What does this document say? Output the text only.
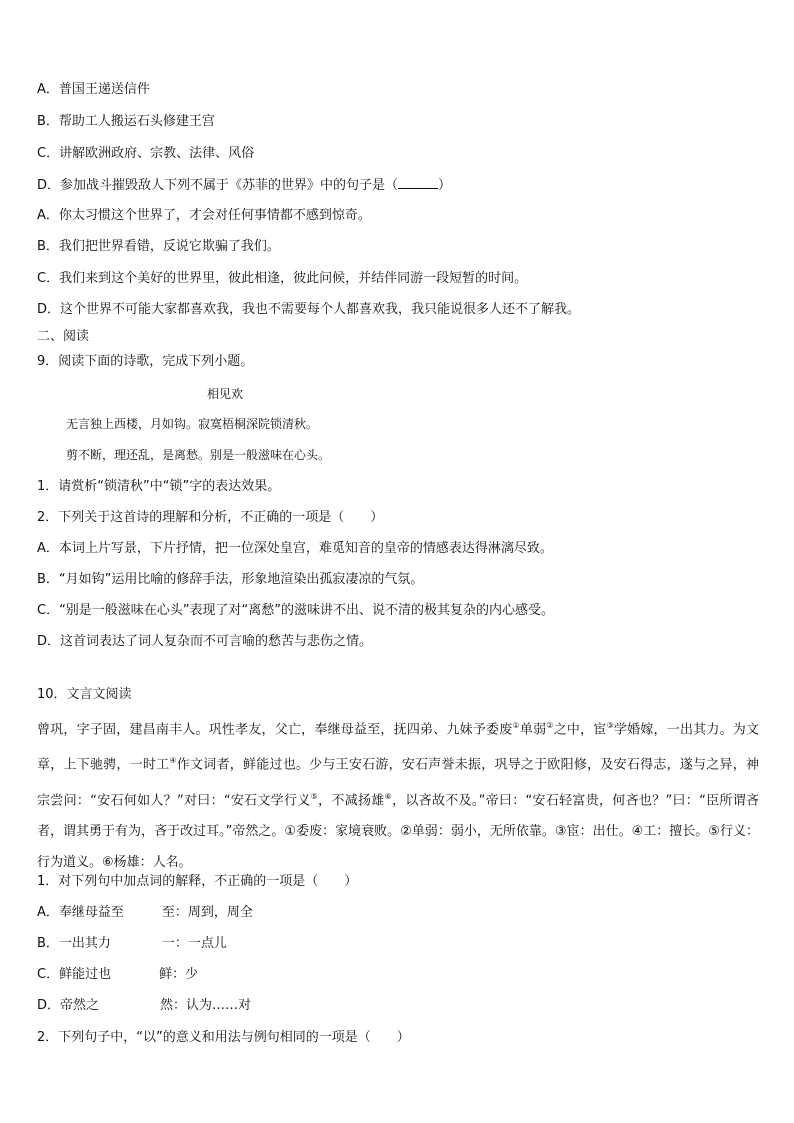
A．普国王递送信件
B．帮助工人搬运石头修建王宫
C．讲解欧洲政府、宗教、法律、风俗
D．参加战斗摧毁敌人下列不属于《苏菲的世界》中的句子是（	）
A．你太习惯这个世界了，才会对任何事情都不感到惊奇。
B．我们把世界看错，反说它欺骗了我们。
C．我们来到这个美好的世界里，彼此相逢，彼此问候，并结伴同游一段短暂的时间。
D．这个世界不可能大家都喜欢我，我也不需要每个人都喜欢我，我只能说很多人还不了解我。
二、阅读
9．阅读下面的诗歌，完成下列小题。
相见欢
无言独上西楼，月如钩。寂寞梧桐深院锁清秋。
剪不断，理还乱，是离愁。别是一般滋味在心头。
1．请赏析“锁清秋”中“锁”字的表达效果。
2．下列关于这首诗的理解和分析，不正确的一项是（　　）
A．本词上片写景，下片抒情，把一位深处皇宫，难觅知音的皇帝的情感表达得淋漓尽致。
B．“月如钩”运用比喻的修辞手法，形象地渲染出孤寂凄凉的气氛。
C．“别是一般滋味在心头”表现了对“离愁”的滋味讲不出、说不清的极其复杂的内心感受。
D．这首词表达了词人复杂而不可言喻的愁苦与悲伤之情。
10．文言文阅读
曾巩，字子固，建昌南丰人。巩性孝友，父亡，奉继母益至，抚四弟、九妹予委废①单弱②之中，宦③学婚嫁，一出其力。为文章，上下驰骋，一时工④作文词者，鲜能过也。少与王安石游，安石声誉未振，巩导之于欧阳修，及安石得志，遂与之异，神宗尝问：“安石何如人？”对曰：“安石文学行义⑤，不减扬雄⑥，以吝故不及。”帝曰：“安石轻富贵，何吝也？”曰：“臣所谓吝者，谓其勇于有为，吝于改过耳。”帝然之。①委废：家境衰败。②单弱：弱小，无所依靠。③宦：出仕。④工：擅长。⑤行义：行为道义。⑥杨雄：人名。
1．对下列句中加点词的解释，不正确的一项是（　　）
A．奉继母益至	至：周到，周全
B．一出其力	一：一点儿
C．鲜能过也	鲜：少
D．帝然之	然：认为……对
2．下列句子中，“以”的意义和用法与例句相同的一项是（　　）
